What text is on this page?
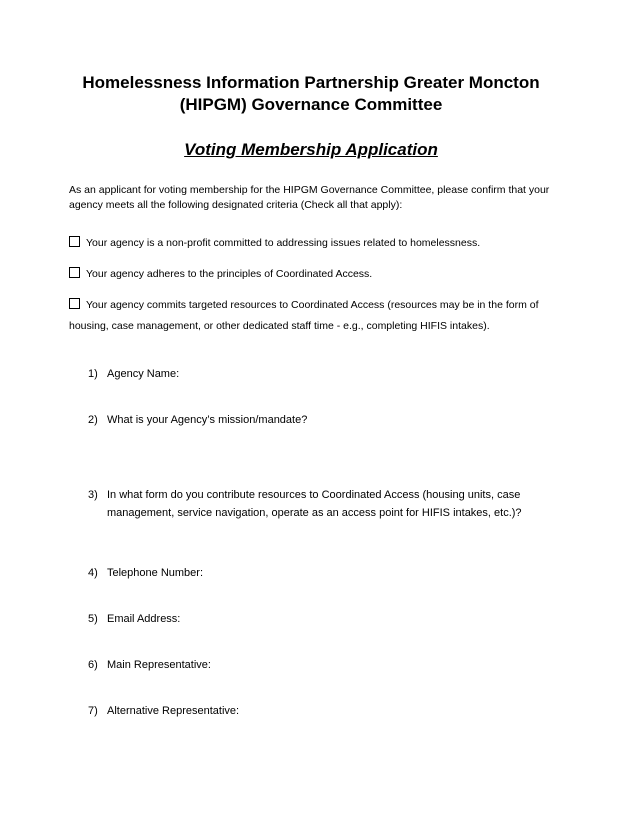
Homelessness Information Partnership Greater Moncton
(HIPGM) Governance Committee
Voting Membership Application
As an applicant for voting membership for the HIPGM Governance Committee, please confirm that your agency meets all the following designated criteria (Check all that apply):
Your agency is a non-profit committed to addressing issues related to homelessness.
Your agency adheres to the principles of Coordinated Access.
Your agency commits targeted resources to Coordinated Access (resources may be in the form of housing, case management, or other dedicated staff time - e.g., completing HIFIS intakes).
1) Agency Name:
2) What is your Agency’s mission/mandate?
3) In what form do you contribute resources to Coordinated Access (housing units, case management, service navigation, operate as an access point for HIFIS intakes, etc.)?
4) Telephone Number:
5) Email Address:
6) Main Representative:
7) Alternative Representative:
